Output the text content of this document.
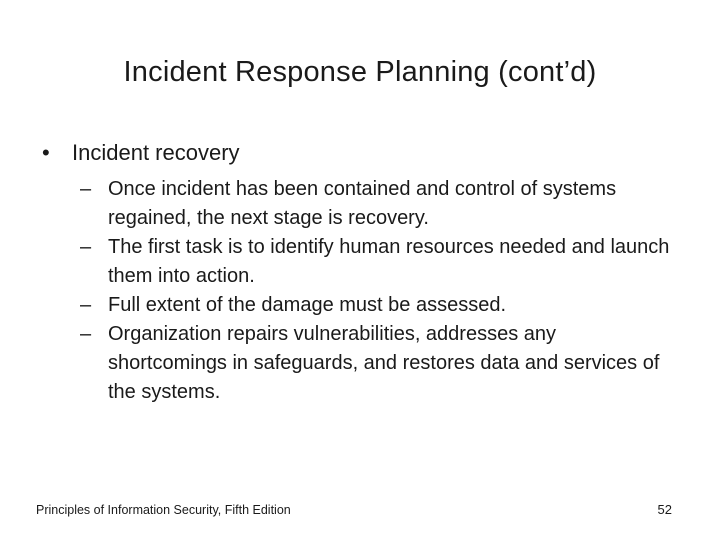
Incident Response Planning (cont’d)
• Incident recovery
– Once incident has been contained and control of systems regained, the next stage is recovery.
– The first task is to identify human resources needed and launch them into action.
– Full extent of the damage must be assessed.
– Organization repairs vulnerabilities, addresses any shortcomings in safeguards, and restores data and services of the systems.
Principles of Information Security, Fifth Edition	52
